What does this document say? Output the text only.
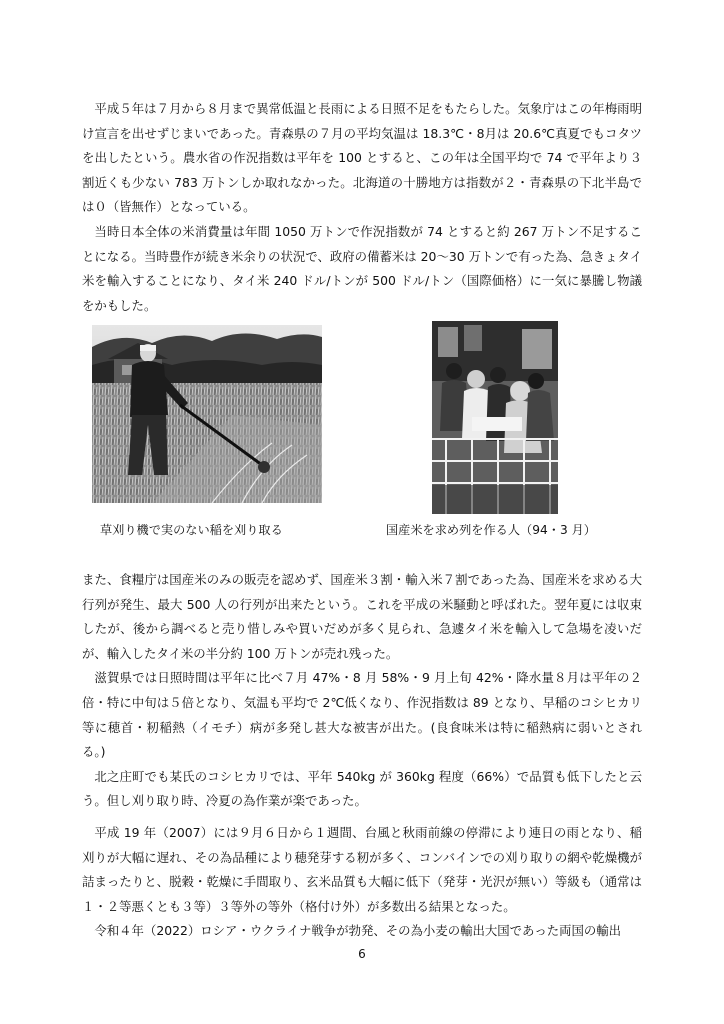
平成５年は７月から８月まで異常低温と長雨による日照不足をもたらした。気象庁はこの年梅雨明け宣言を出せずじまいであった。青森県の７月の平均気温は 18.3℃・8月は 20.6℃真夏でもコタツを出したという。農水省の作況指数は平年を 100 とすると、この年は全国平均で 74 で平年より３割近くも少ない 783 万トンしか取れなかった。北海道の十勝地方は指数が２・青森県の下北半島では０（皆無作）となっている。

当時日本全体の米消費量は年間 1050 万トンで作況指数が 74 とすると約 267 万トン不足することになる。当時豊作が続き米余りの状況で、政府の備蓄米は 20～30 万トンで有った為、急きょタイ米を輸入することになり、タイ米 240 ドル/トンが 500 ドル/トン（国際価格）に一気に暴騰し物議をかもした。

草刈り機で実のない稲を刈り取る	国産米を求め列を作る人（94・3 月）

また、食糧庁は国産米のみの販売を認めず、国産米３割・輸入米７割であった為、国産米を求める大行列が発生、最大 500 人の行列が出来たという。これを平成の米騒動と呼ばれた。翌年夏には収束したが、後から調べると売り惜しみや買いだめが多く見られ、急遽タイ米を輸入して急場を凌いだが、輸入したタイ米の半分約 100 万トンが売れ残った。

滋賀県では日照時間は平年に比べ７月 47%・8 月 58%・9 月上旬 42%・降水量８月は平年の２倍・特に中旬は５倍となり、気温も平均で 2℃低くなり、作況指数は 89 となり、早稲のコシヒカリ等に穂首・籾稲熱（イモチ）病が多発し甚大な被害が出た。(良食味米は特に稲熱病に弱いとされる。)

北之庄町でも某氏のコシヒカリでは、平年 540kg が 360kg 程度（66%）で品質も低下したと云う。但し刈り取り時、冷夏の為作業が楽であった。

平成 19 年（2007）には９月６日から１週間、台風と秋雨前線の停滞により連日の雨となり、稲刈りが大幅に遅れ、その為品種により穂発芽する籾が多く、コンバインでの刈り取りの網や乾燥機が詰まったりと、脱穀・乾燥に手間取り、玄米品質も大幅に低下（発芽・光沢が無い）等級も（通常は１・２等悪くとも３等）３等外の等外（格付け外）が多数出る結果となった。

令和４年（2022）ロシア・ウクライナ戦争が勃発、その為小麦の輸出大国であった両国の輸出

6
